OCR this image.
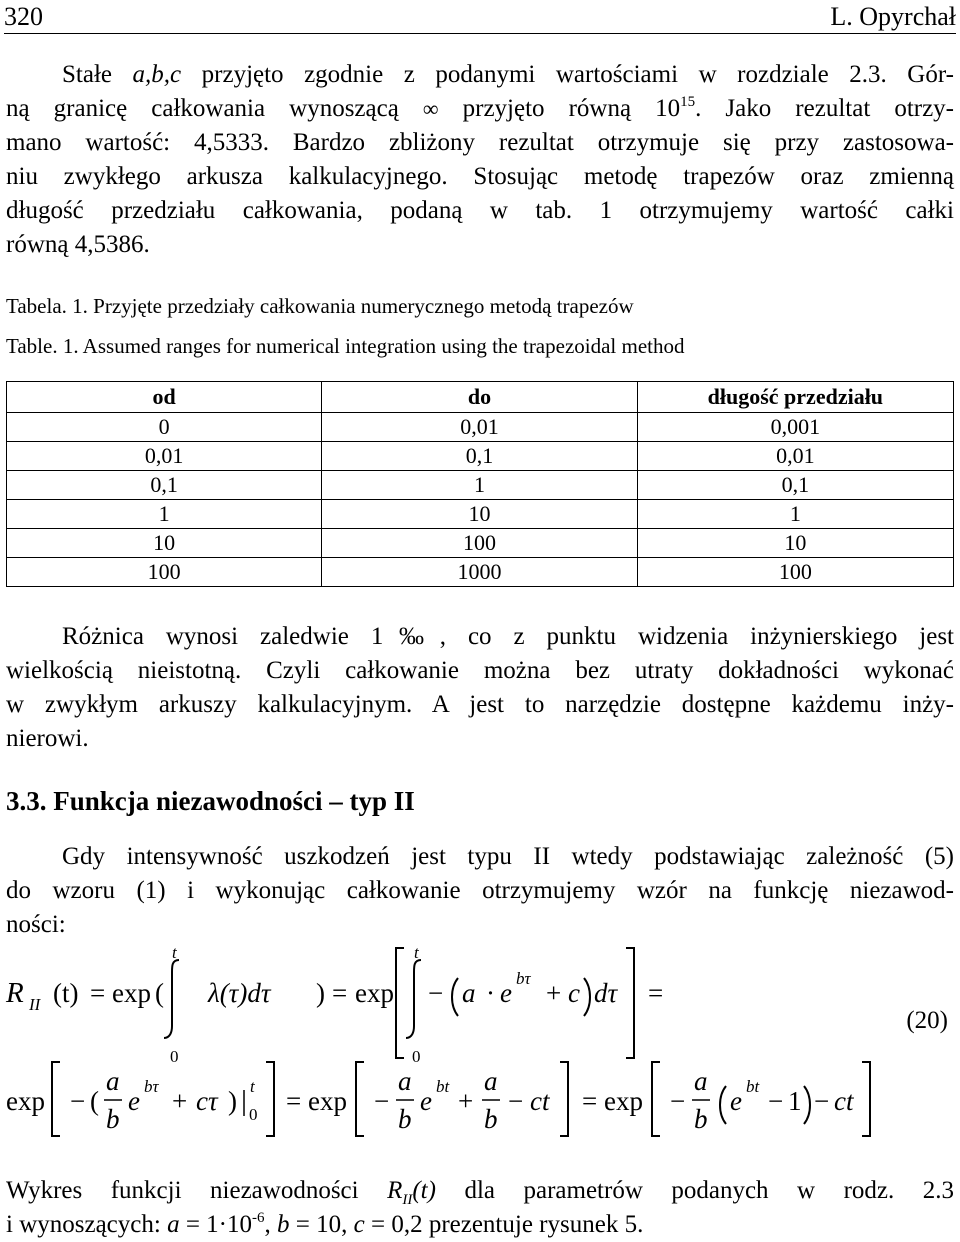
320	L. Opyrchał
Stałe a,b,c przyjęto zgodnie z podanymi wartościami w rozdziale 2.3. Gór-
ną granicę całkowania wynoszącą ∞ przyjęto równą $10^{15}$. Jako rezultat otrzy-
mano wartość: 4,5333. Bardzo zbliżony rezultat otrzymuje się przy zastosowa-
niu zwykłego arkusza kalkulacyjnego. Stosując metodę trapezów oraz zmienną
długość przedziału całkowania, podaną w tab. 1 otrzymujemy wartość całki
równą 4,5386.
Tabela. 1. Przyjęte przedziały całkowania numerycznego metodą trapezów
Table. 1. Assumed ranges for numerical integration using the trapezoidal method
od	do	długość przedziału
0	0,01	0,001
0,01	0,1	0,01
0,1	1	0,1
1	10	1
10	100	10
100	1000	100
Różnica wynosi zaledwie 1‰, co z punktu widzenia inżynierskiego jest
wielkością nieistotną. Czyli całkowanie można bez utraty dokładności wykonać
w zwykłym arkuszy kalkulacyjnym. A jest to narzędzie dostępne każdemu inży-
nierowi.
3.3. Funkcja niezawodności – typ II
Gdy intensywność uszkodzeń jest typu II wtedy podstawiając zależność (5)
do wzoru (1) i wykonując całkowanie otrzymujemy wzór na funkcję niezawod-
ności:
R II (t) = exp (
t
0
λ(τ)dτ ) = exp
t
0
− a · e bτ + c dτ =
exp − (
a
b
e bτ + cτ ) t
0 = exp −
a
b
e bt +
a
b
− ct = exp −
a
b
e bt − 1 − ct
(20)
Wykres funkcji niezawodności $R_{II}(t)$ dla parametrów podanych w rodz. 2.3
i wynoszących: $a = 1\cdot 10^{-6}$, b = 10, c = 0,2 prezentuje rysunek 5.
